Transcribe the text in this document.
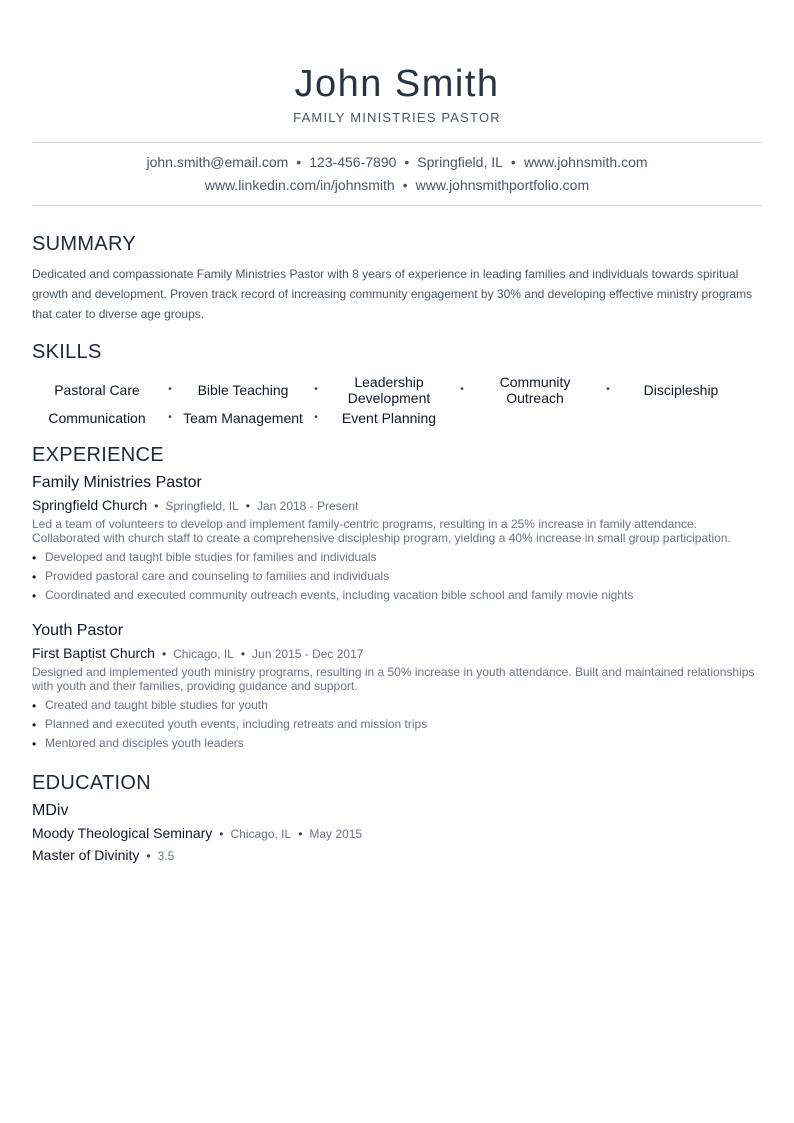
John Smith
FAMILY MINISTRIES PASTOR
john.smith@email.com • 123-456-7890 • Springfield, IL • www.johnsmith.com
www.linkedin.com/in/johnsmith • www.johnsmithportfolio.com
SUMMARY
Dedicated and compassionate Family Ministries Pastor with 8 years of experience in leading families and individuals towards spiritual growth and development. Proven track record of increasing community engagement by 30% and developing effective ministry programs that cater to diverse age groups.
SKILLS
Pastoral Care	•	Bible Teaching	•	Leadership Development
•	Community Outreach
•	Discipleship
Communication	• Team Management	•	Event Planning
EXPERIENCE
Family Ministries Pastor
Springfield Church • Springfield, IL • Jan 2018 - Present
Led a team of volunteers to develop and implement family-centric programs, resulting in a 25% increase in family attendance. Collaborated with church staff to create a comprehensive discipleship program, yielding a 40% increase in small group participation.
• Developed and taught bible studies for families and individuals
• Provided pastoral care and counseling to families and individuals
• Coordinated and executed community outreach events, including vacation bible school and family movie nights
Youth Pastor
First Baptist Church • Chicago, IL • Jun 2015 - Dec 2017
Designed and implemented youth ministry programs, resulting in a 50% increase in youth attendance. Built and maintained relationships with youth and their families, providing guidance and support.
• Created and taught bible studies for youth
• Planned and executed youth events, including retreats and mission trips
• Mentored and disciples youth leaders
EDUCATION
MDiv
Moody Theological Seminary • Chicago, IL • May 2015
Master of Divinity • 3.5
